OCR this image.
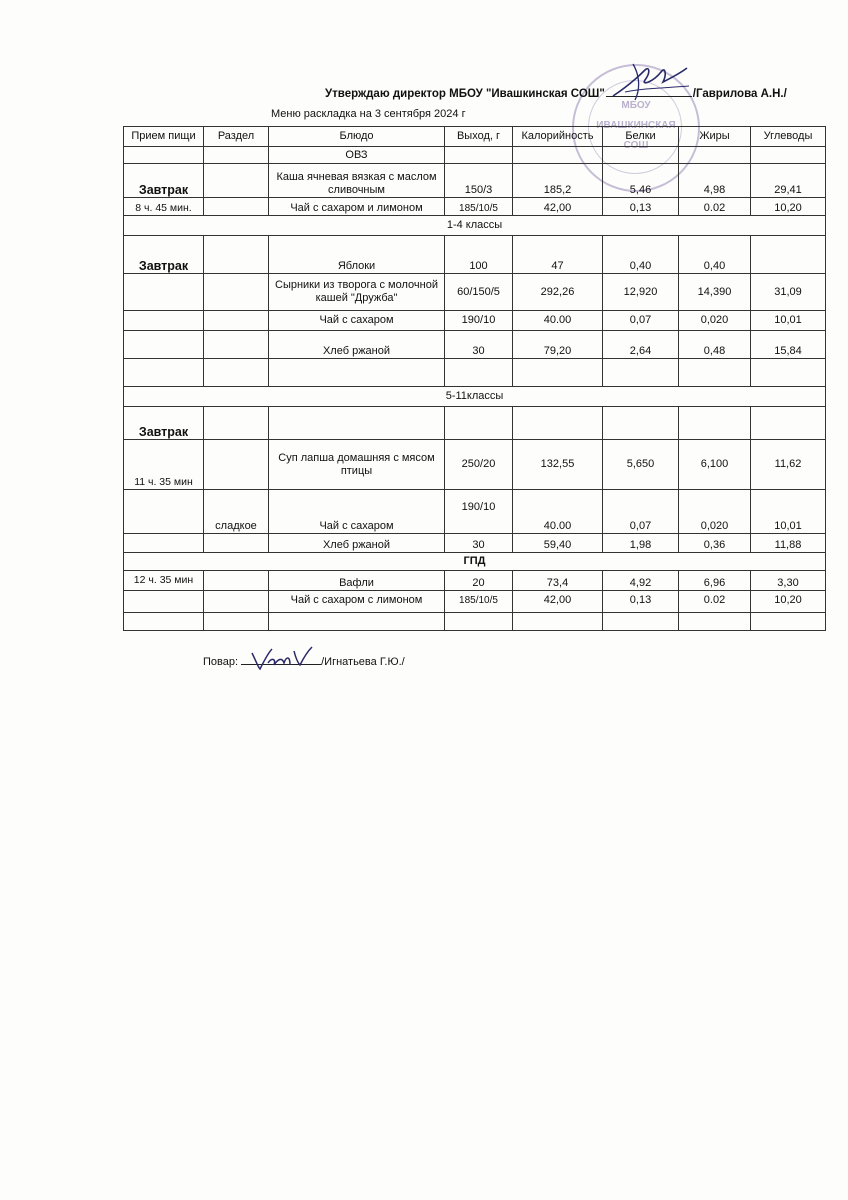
МБОУ
ИВАШКИНСКАЯ
СОШ
Утверждаю директор МБОУ "Ивашкинская СОШ"	/Гаврилова А.Н./
Меню раскладка на 3 сентября 2024 г
Прием пищи	Раздел	Блюдо	Выход, г	Калорийность	Белки	Жиры	Углеводы
		ОВЗ					
Завтрак		Каша ячневая вязкая с маслом сливочным	150/3	185,2	5,46	4,98	29,41
8 ч. 45 мин.		Чай с сахаром и лимоном	185/10/5	42,00	0,13	0.02	10,20
1-4 классы							
Завтрак		Яблоки	100	47	0,40	0,40	
		Сырники из творога с молочной кашей "Дружба"	60/150/5	292,26	12,920	14,390	31,09
		Чай с сахаром	190/10	40.00	0,07	0,020	10,01
		Хлеб ржаной	30	79,20	2,64	0,48	15,84

5-11классы							
Завтрак							
11 ч. 35 мин		Суп лапша домашняя с мясом птицы	250/20	132,55	5,650	6,100	11,62
	сладкое	Чай с сахаром	190/10	40.00	0,07	0,020	10,01
		Хлеб ржаной	30	59,40	1,98	0,36	11,88
ГПД							
12 ч. 35 мин		Вафли	20	73,4	4,92	6,96	3,30
		Чай с сахаром с лимоном	185/10/5	42,00	0,13	0.02	10,20

Повар:	/Игнатьева Г.Ю./
